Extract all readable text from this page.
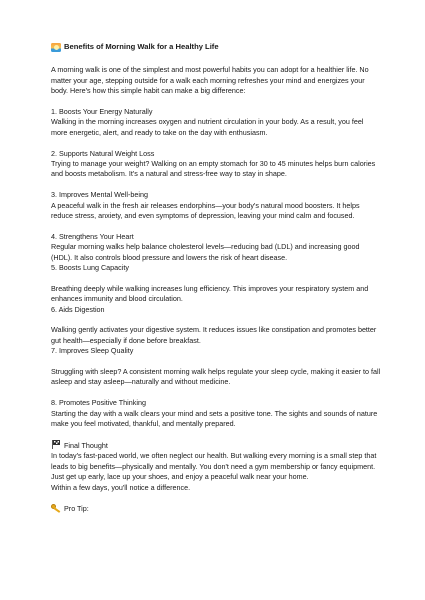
Benefits of Morning Walk for a Healthy Life

A morning walk is one of the simplest and most powerful habits you can adopt for a healthier life. No matter your age, stepping outside for a walk each morning refreshes your mind and energizes your body. Here's how this simple habit can make a big difference:

1. Boosts Your Energy Naturally

Walking in the morning increases oxygen and nutrient circulation in your body. As a result, you feel more energetic, alert, and ready to take on the day with enthusiasm.

2. Supports Natural Weight Loss

Trying to manage your weight? Walking on an empty stomach for 30 to 45 minutes helps burn calories and boosts metabolism. It's a natural and stress-free way to stay in shape.

3. Improves Mental Well-being

A peaceful walk in the fresh air releases endorphins—your body's natural mood boosters. It helps reduce stress, anxiety, and even symptoms of depression, leaving your mind calm and focused.

4. Strengthens Your Heart

Regular morning walks help balance cholesterol levels—reducing bad (LDL) and increasing good (HDL). It also controls blood pressure and lowers the risk of heart disease.

5. Boosts Lung Capacity

Breathing deeply while walking increases lung efficiency. This improves your respiratory system and enhances immunity and blood circulation.

6. Aids Digestion

Walking gently activates your digestive system. It reduces issues like constipation and promotes better gut health—especially if done before breakfast.

7. Improves Sleep Quality

Struggling with sleep? A consistent morning walk helps regulate your sleep cycle, making it easier to fall asleep and stay asleep—naturally and without medicine.

8. Promotes Positive Thinking

Starting the day with a walk clears your mind and sets a positive tone. The sights and sounds of nature make you feel motivated, thankful, and mentally prepared.

Final Thought

In today's fast-paced world, we often neglect our health. But walking every morning is a small step that leads to big benefits—physically and mentally. You don't need a gym membership or fancy equipment. Just get up early, lace up your shoes, and enjoy a peaceful walk near your home.

Within a few days, you'll notice a difference.

Pro Tip:
